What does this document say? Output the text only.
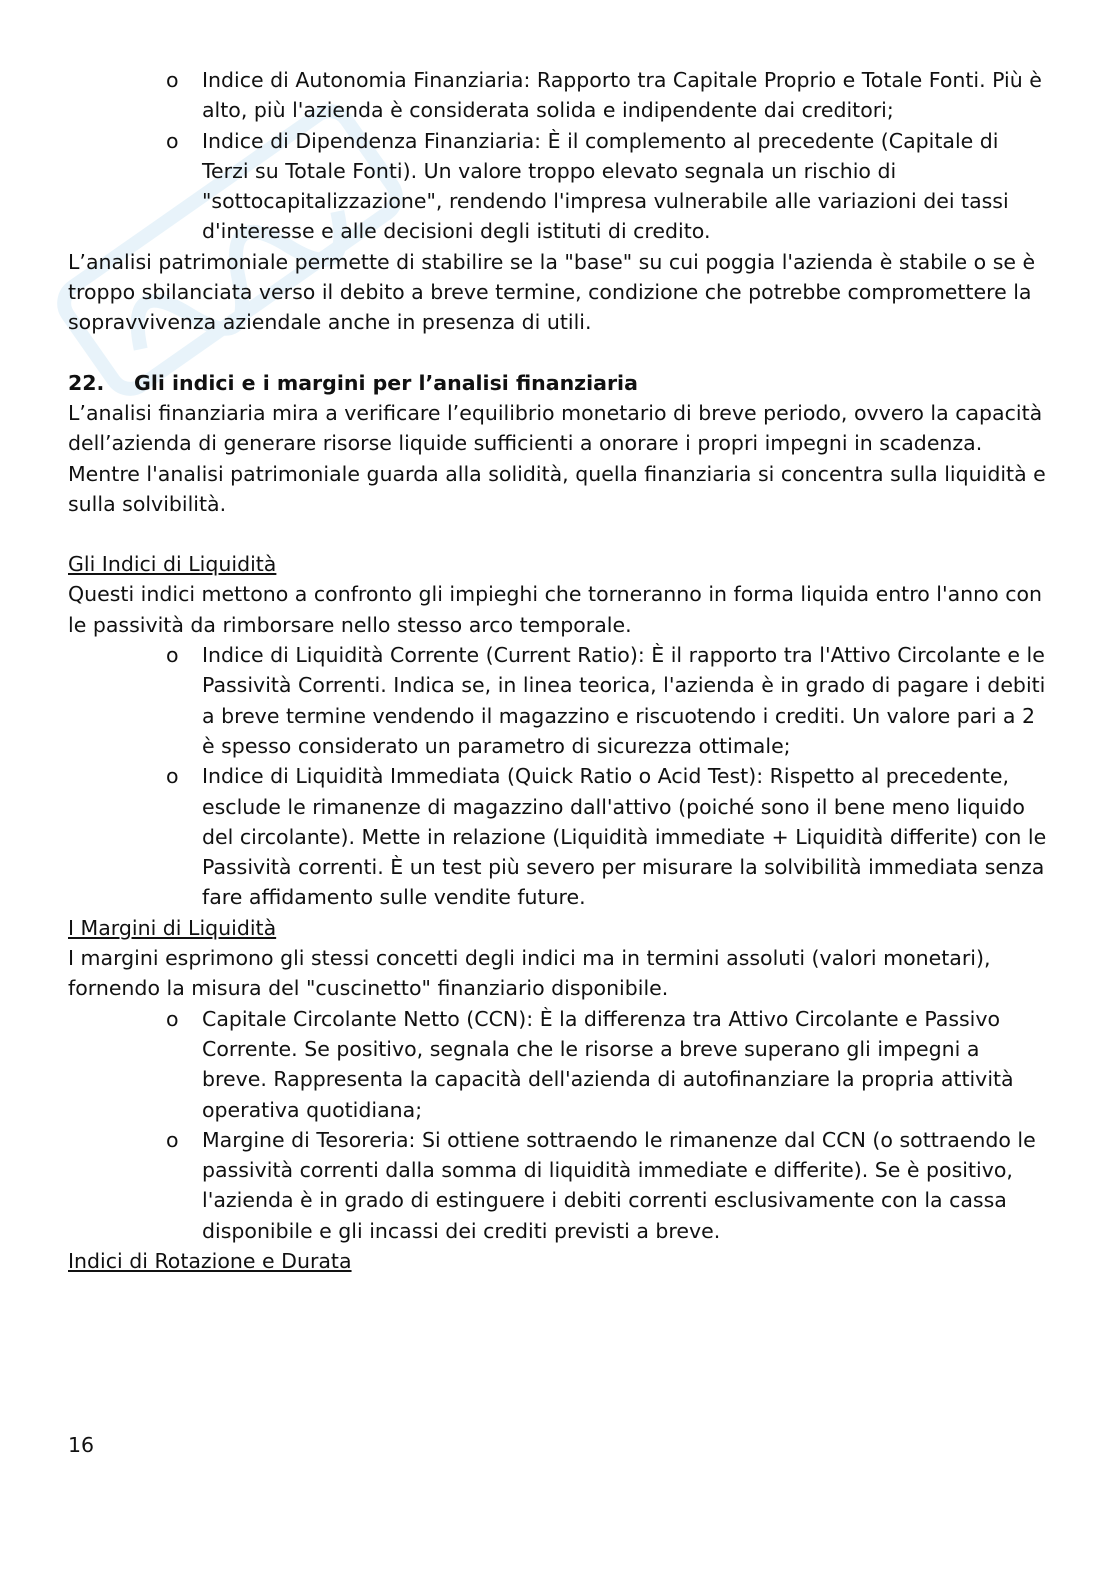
o Indice di Autonomia Finanziaria: Rapporto tra Capitale Proprio e Totale Fonti. Più è alto, più l'azienda è considerata solida e indipendente dai creditori;

o Indice di Dipendenza Finanziaria: È il complemento al precedente (Capitale di Terzi su Totale Fonti). Un valore troppo elevato segnala un rischio di "sottocapitalizzazione", rendendo l'impresa vulnerabile alle variazioni dei tassi d'interesse e alle decisioni degli istituti di credito.

L’analisi patrimoniale permette di stabilire se la "base" su cui poggia l'azienda è stabile o se è troppo sbilanciata verso il debito a breve termine, condizione che potrebbe compromettere la sopravvivenza aziendale anche in presenza di utili.

22. Gli indici e i margini per l’analisi finanziaria

L’analisi finanziaria mira a verificare l’equilibrio monetario di breve periodo, ovvero la capacità dell’azienda di generare risorse liquide sufficienti a onorare i propri impegni in scadenza. Mentre l'analisi patrimoniale guarda alla solidità, quella finanziaria si concentra sulla liquidità e sulla solvibilità.

Gli Indici di Liquidità

Questi indici mettono a confronto gli impieghi che torneranno in forma liquida entro l'anno con le passività da rimborsare nello stesso arco temporale.

o Indice di Liquidità Corrente (Current Ratio): È il rapporto tra l'Attivo Circolante e le Passività Correnti. Indica se, in linea teorica, l'azienda è in grado di pagare i debiti a breve termine vendendo il magazzino e riscuotendo i crediti. Un valore pari a 2 è spesso considerato un parametro di sicurezza ottimale;

o Indice di Liquidità Immediata (Quick Ratio o Acid Test): Rispetto al precedente, esclude le rimanenze di magazzino dall'attivo (poiché sono il bene meno liquido del circolante). Mette in relazione (Liquidità immediate + Liquidità differite) con le Passività correnti. È un test più severo per misurare la solvibilità immediata senza fare affidamento sulle vendite future.

I Margini di Liquidità

I margini esprimono gli stessi concetti degli indici ma in termini assoluti (valori monetari), fornendo la misura del "cuscinetto" finanziario disponibile.

o Capitale Circolante Netto (CCN): È la differenza tra Attivo Circolante e Passivo Corrente. Se positivo, segnala che le risorse a breve superano gli impegni a breve. Rappresenta la capacità dell'azienda di autofinanziare la propria attività operativa quotidiana;

o Margine di Tesoreria: Si ottiene sottraendo le rimanenze dal CCN (o sottraendo le passività correnti dalla somma di liquidità immediate e differite). Se è positivo, l'azienda è in grado di estinguere i debiti correnti esclusivamente con la cassa disponibile e gli incassi dei crediti previsti a breve.

Indici di Rotazione e Durata

16
